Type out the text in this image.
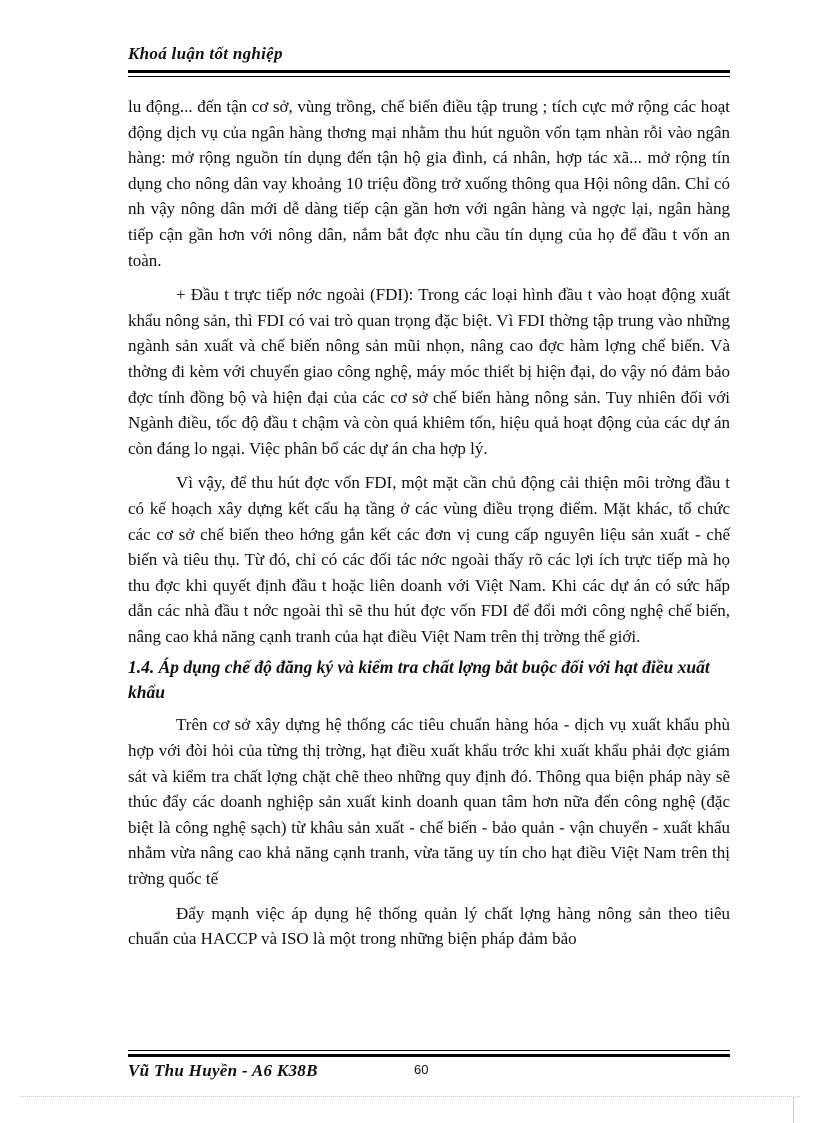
Khoá luận tốt nghiệp

lu động... đến tận cơ sở, vùng trồng, chế biến điều tập trung ; tích cực mở rộng các hoạt động dịch vụ của ngân hàng thơng mại nhằm thu hút nguồn vốn tạm nhàn rỗi vào ngân hàng: mở rộng nguồn tín dụng đến tận hộ gia đình, cá nhân, hợp tác xã... mở rộng tín dụng cho nông dân vay khoảng 10 triệu đồng trở xuống thông qua Hội nông dân. Chỉ có nh vậy nông dân mới dễ dàng tiếp cận gần hơn với ngân hàng và ngợc lại, ngân hàng tiếp cận gần hơn với nông dân, nắm bắt đợc nhu cầu tín dụng của họ để đầu t vốn an toàn.

+ Đầu t trực tiếp nớc ngoài (FDI): Trong các loại hình đầu t vào hoạt động xuất khẩu nông sản, thì FDI có vai trò quan trọng đặc biệt. Vì FDI thờng tập trung vào những ngành sản xuất và chế biến nông sản mũi nhọn, nâng cao đợc hàm lợng chế biến. Và thờng đi kèm với chuyển giao công nghệ, máy móc thiết bị hiện đại, do vậy nó đảm bảo đợc tính đồng bộ và hiện đại của các cơ sở chế biến hàng nông sản. Tuy nhiên đối với Ngành điều, tốc độ đầu t chậm và còn quá khiêm tốn, hiệu quả hoạt động của các dự án còn đáng lo ngại. Việc phân bổ các dự án cha hợp lý.

Vì vậy, để thu hút đợc vốn FDI, một mặt cần chủ động cải thiện môi trờng đầu t có kế hoạch xây dựng kết cấu hạ tầng ở các vùng điều trọng điểm. Mặt khác, tổ chức các cơ sở chế biến theo hớng gắn kết các đơn vị cung cấp nguyên liệu sản xuất - chế biến và tiêu thụ. Từ đó, chỉ có các đối tác nớc ngoài thấy rõ các lợi ích trực tiếp mà họ thu đợc khi quyết định đầu t hoặc liên doanh với Việt Nam. Khi các dự án có sức hấp dẫn các nhà đầu t nớc ngoài thì sẽ thu hút đợc vốn FDI để đổi mới công nghệ chế biến, nâng cao khả năng cạnh tranh của hạt điều Việt Nam trên thị trờng thế giới.

1.4. Áp dụng chế độ đăng ký và kiểm tra chất lợng bắt buộc đối với hạt điều xuất khẩu

Trên cơ sở xây dựng hệ thống các tiêu chuẩn hàng hóa - dịch vụ xuất khẩu phù hợp với đòi hỏi của từng thị trờng, hạt điều xuất khẩu trớc khi xuất khẩu phải đợc giám sát và kiểm tra chất lợng chặt chẽ theo những quy định đó. Thông qua biện pháp này sẽ thúc đẩy các doanh nghiệp sản xuất kinh doanh quan tâm hơn nữa đến công nghệ (đặc biệt là công nghệ sạch) từ khâu sản xuất - chế biến - bảo quản - vận chuyển - xuất khẩu nhằm vừa nâng cao khả năng cạnh tranh, vừa tăng uy tín cho hạt điều Việt Nam trên thị trờng quốc tế

Đẩy mạnh việc áp dụng hệ thống quản lý chất lợng hàng nông sản theo tiêu chuẩn của HACCP và ISO là một trong những biện pháp đảm bảo

Vũ Thu Huyền - A6 K38B	60
